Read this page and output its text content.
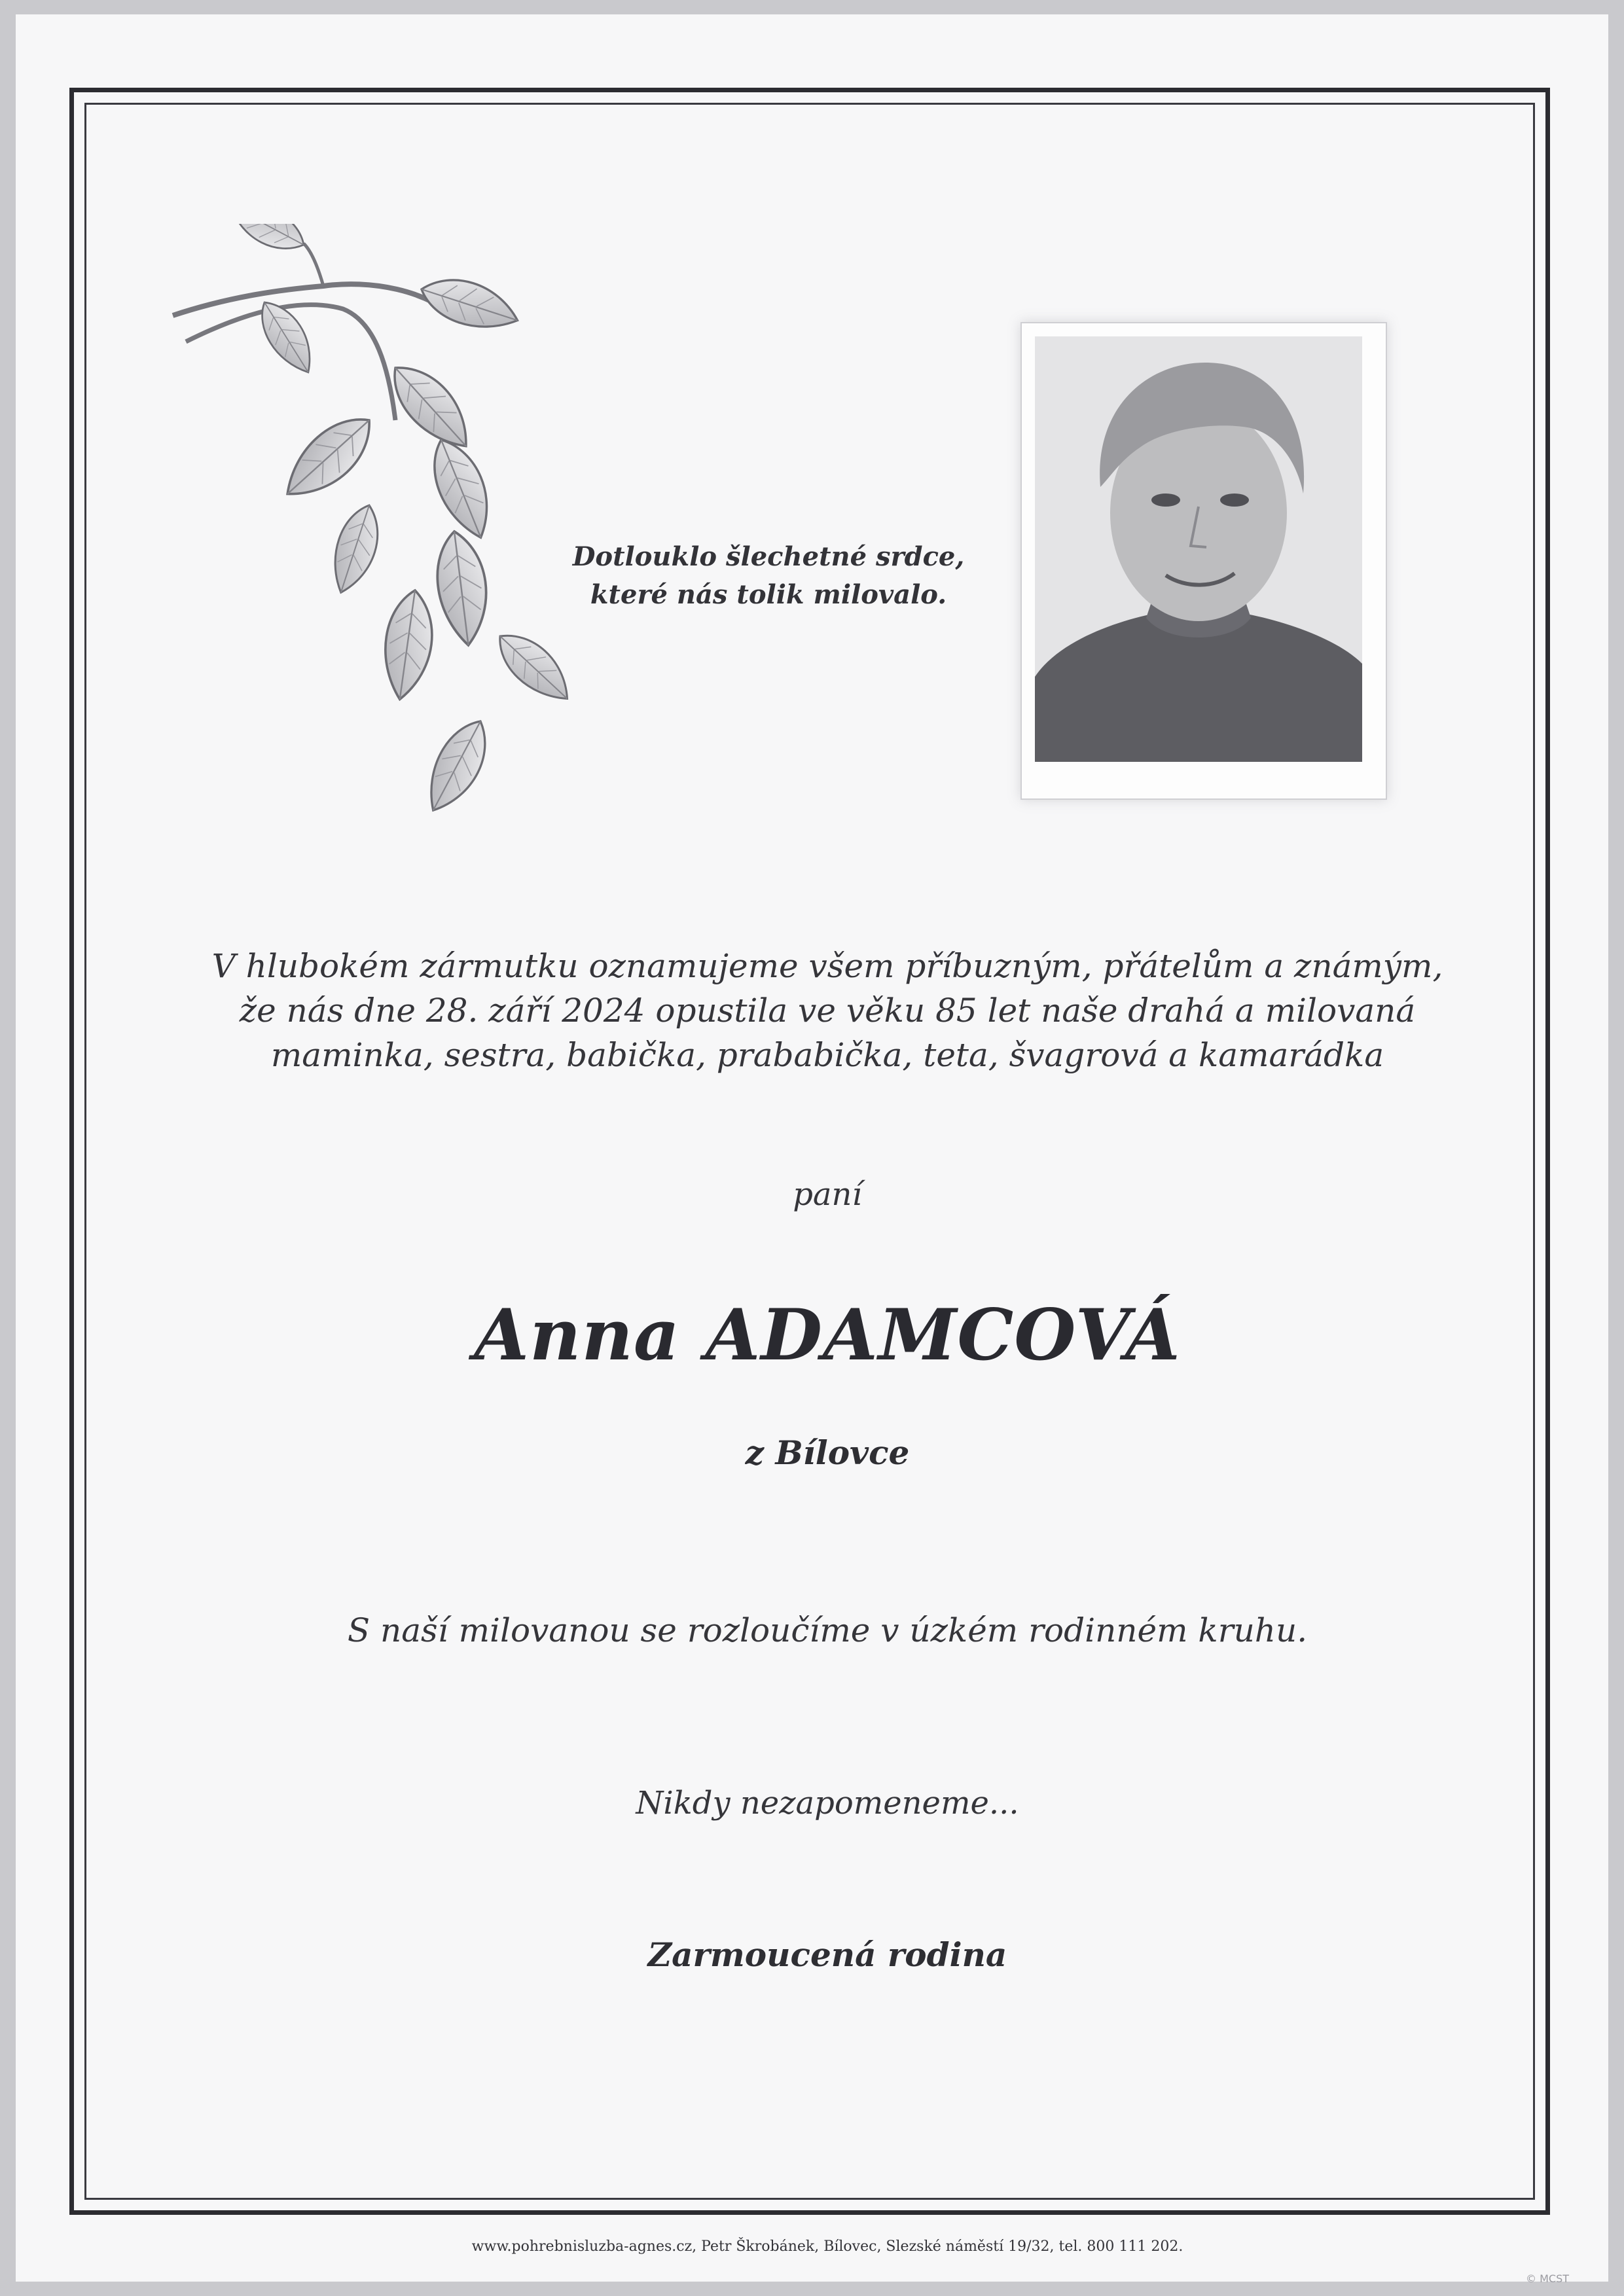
Dotlouklo šlechetné srdce,
které nás tolik milovalo.
V hlubokém zármutku oznamujeme všem příbuzným, přátelům a známým,
že nás dne 28. září 2024 opustila ve věku 85 let naše drahá a milovaná
maminka, sestra, babička, prababička, teta, švagrová a kamarádka
paní
Anna ADAMCOVÁ
z Bílovce
S naší milovanou se rozloučíme v úzkém rodinném kruhu.
Nikdy nezapomeneme...
Zarmoucená rodina
www.pohrebnisluzba-agnes.cz, Petr Škrobánek, Bílovec, Slezské náměstí 19/32, tel. 800 111 202.
© MCST
